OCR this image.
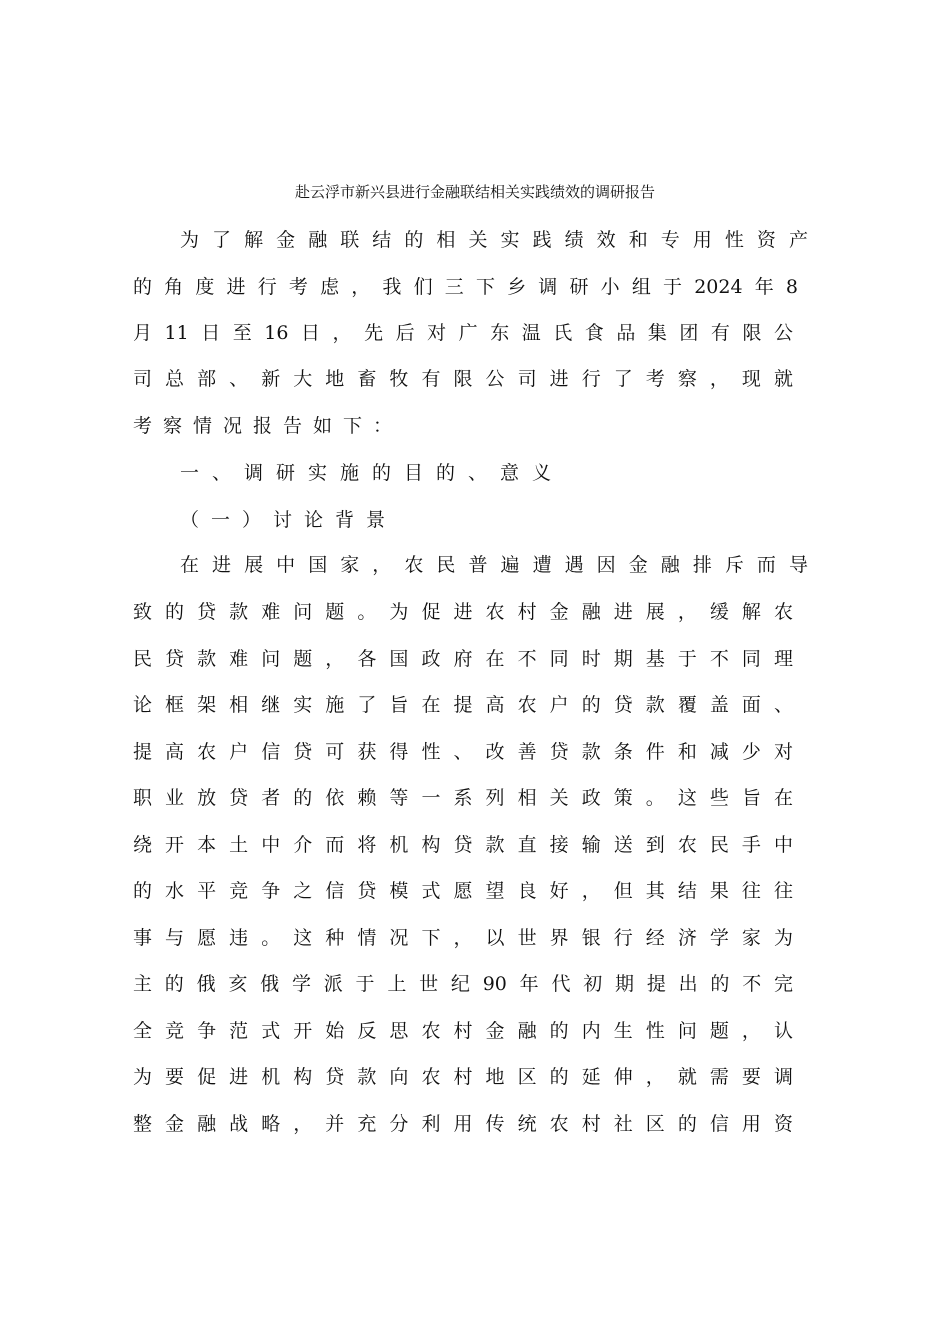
赴云浮市新兴县进行金融联结相关实践绩效的调研报告
为了解金融联结的相关实践绩效和专用性资产
的角度进行考虑，我们三下乡调研小组于2024年8
月11日至16日，先后对广东温氏食品集团有限公
司总部、新大地畜牧有限公司进行了考察，现就
考察情况报告如下：
一、调研实施的目的、意义
（一）讨论背景
在进展中国家，农民普遍遭遇因金融排斥而导
致的贷款难问题。为促进农村金融进展，缓解农
民贷款难问题，各国政府在不同时期基于不同理
论框架相继实施了旨在提高农户的贷款覆盖面、
提高农户信贷可获得性、改善贷款条件和减少对
职业放贷者的依赖等一系列相关政策。这些旨在
绕开本土中介而将机构贷款直接输送到农民手中
的水平竞争之信贷模式愿望良好，但其结果往往
事与愿违。这种情况下，以世界银行经济学家为
主的俄亥俄学派于上世纪90年代初期提出的不完
全竞争范式开始反思农村金融的内生性问题，认
为要促进机构贷款向农村地区的延伸，就需要调
整金融战略，并充分利用传统农村社区的信用资
